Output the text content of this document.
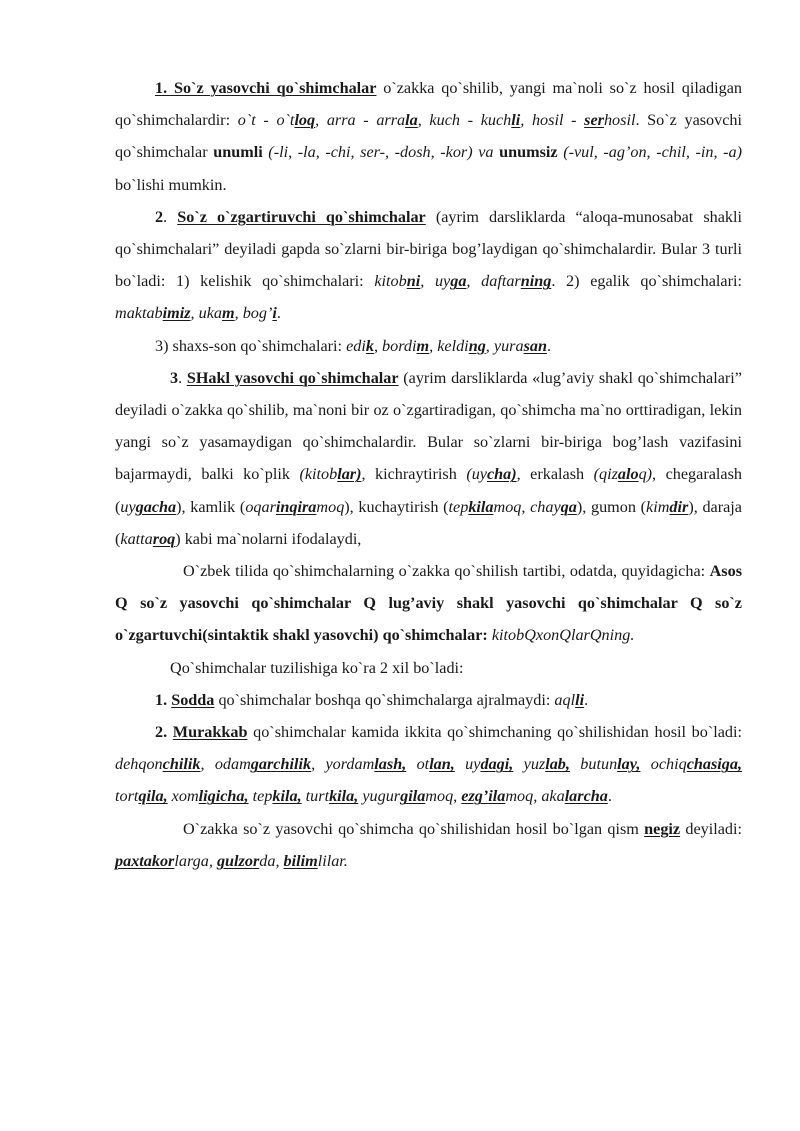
1. So`z yasovchi qo`shimchalar o`zakka qo`shilib, yangi ma`noli so`z hosil qiladigan qo`shimchalardir: o`t - o`tloq, arra - arrala, kuch - kuchli, hosil - serhosil. So`z yasovchi qo`shimchalar unumli (-li, -la, -chi, ser-, -dosh, -kor) va unumsiz (-vul, -ag’on, -chil, -in, -a) bo`lishi mumkin.

2. So`z o`zgartiruvchi qo`shimchalar (ayrim darsliklarda “aloqa-munosabat shakli qo`shimchalari” deyiladi gapda so`zlarni bir-biriga bog’laydigan qo`shimchalardir. Bular 3 turli bo`ladi: 1) kelishik qo`shimchalari: kitobni, uyga, daftarning. 2) egalik qo`shimchalari: maktabimiz, ukam, bog’i.

3) shaxs-son qo`shimchalari: edik, bordim, kelding, yurasan.

3. SHakl yasovchi qo`shimchalar (ayrim darsliklarda «lug’aviy shakl qo`shimchalari” deyiladi o`zakka qo`shilib, ma`noni bir oz o`zgartiradigan, qo`shimcha ma`no orttiradigan, lekin yangi so`z yasamaydigan qo`shimchalardir. Bular so`zlarni bir-biriga bog’lash vazifasini bajarmaydi, balki ko`plik (kitoblar), kichraytirish (uycha), erkalash (qizaloq), chegaralash (uygacha), kamlik (oqarinqiramoq), kuchaytirish (tepkilamoq, chayqa), gumon (kimdir), daraja (kattaroq) kabi ma`nolarni ifodalaydi,

O`zbek tilida qo`shimchalarning o`zakka qo`shilish tartibi, odatda, quyidagicha: Asos Q so`z yasovchi qo`shimchalar Q lug’aviy shakl yasovchi qo`shimchalar Q so`z o`zgartuvchi(sintaktik shakl yasovchi) qo`shimchalar: kitobQxonQlarQning.

Qo`shimchalar tuzilishiga ko`ra 2 xil bo`ladi:

1. Sodda qo`shimchalar boshqa qo`shimchalarga ajralmaydi: aqlli.

2. Murakkab qo`shimchalar kamida ikkita qo`shimchaning qo`shilishidan hosil bo`ladi: dehqonchilik, odamgarchilik, yordamlash, otlan, uydagi, yuzlab, butunlay, ochiqchasiga, tortqila, xomligicha, tepkila, turtkila, yugurgilamoq, ezg’ilamoq, akalarcha.

O`zakka so`z yasovchi qo`shimcha qo`shilishidan hosil bo`lgan qism negiz deyiladi: paxtakorlarga, gulzorda, bilimlilar.
